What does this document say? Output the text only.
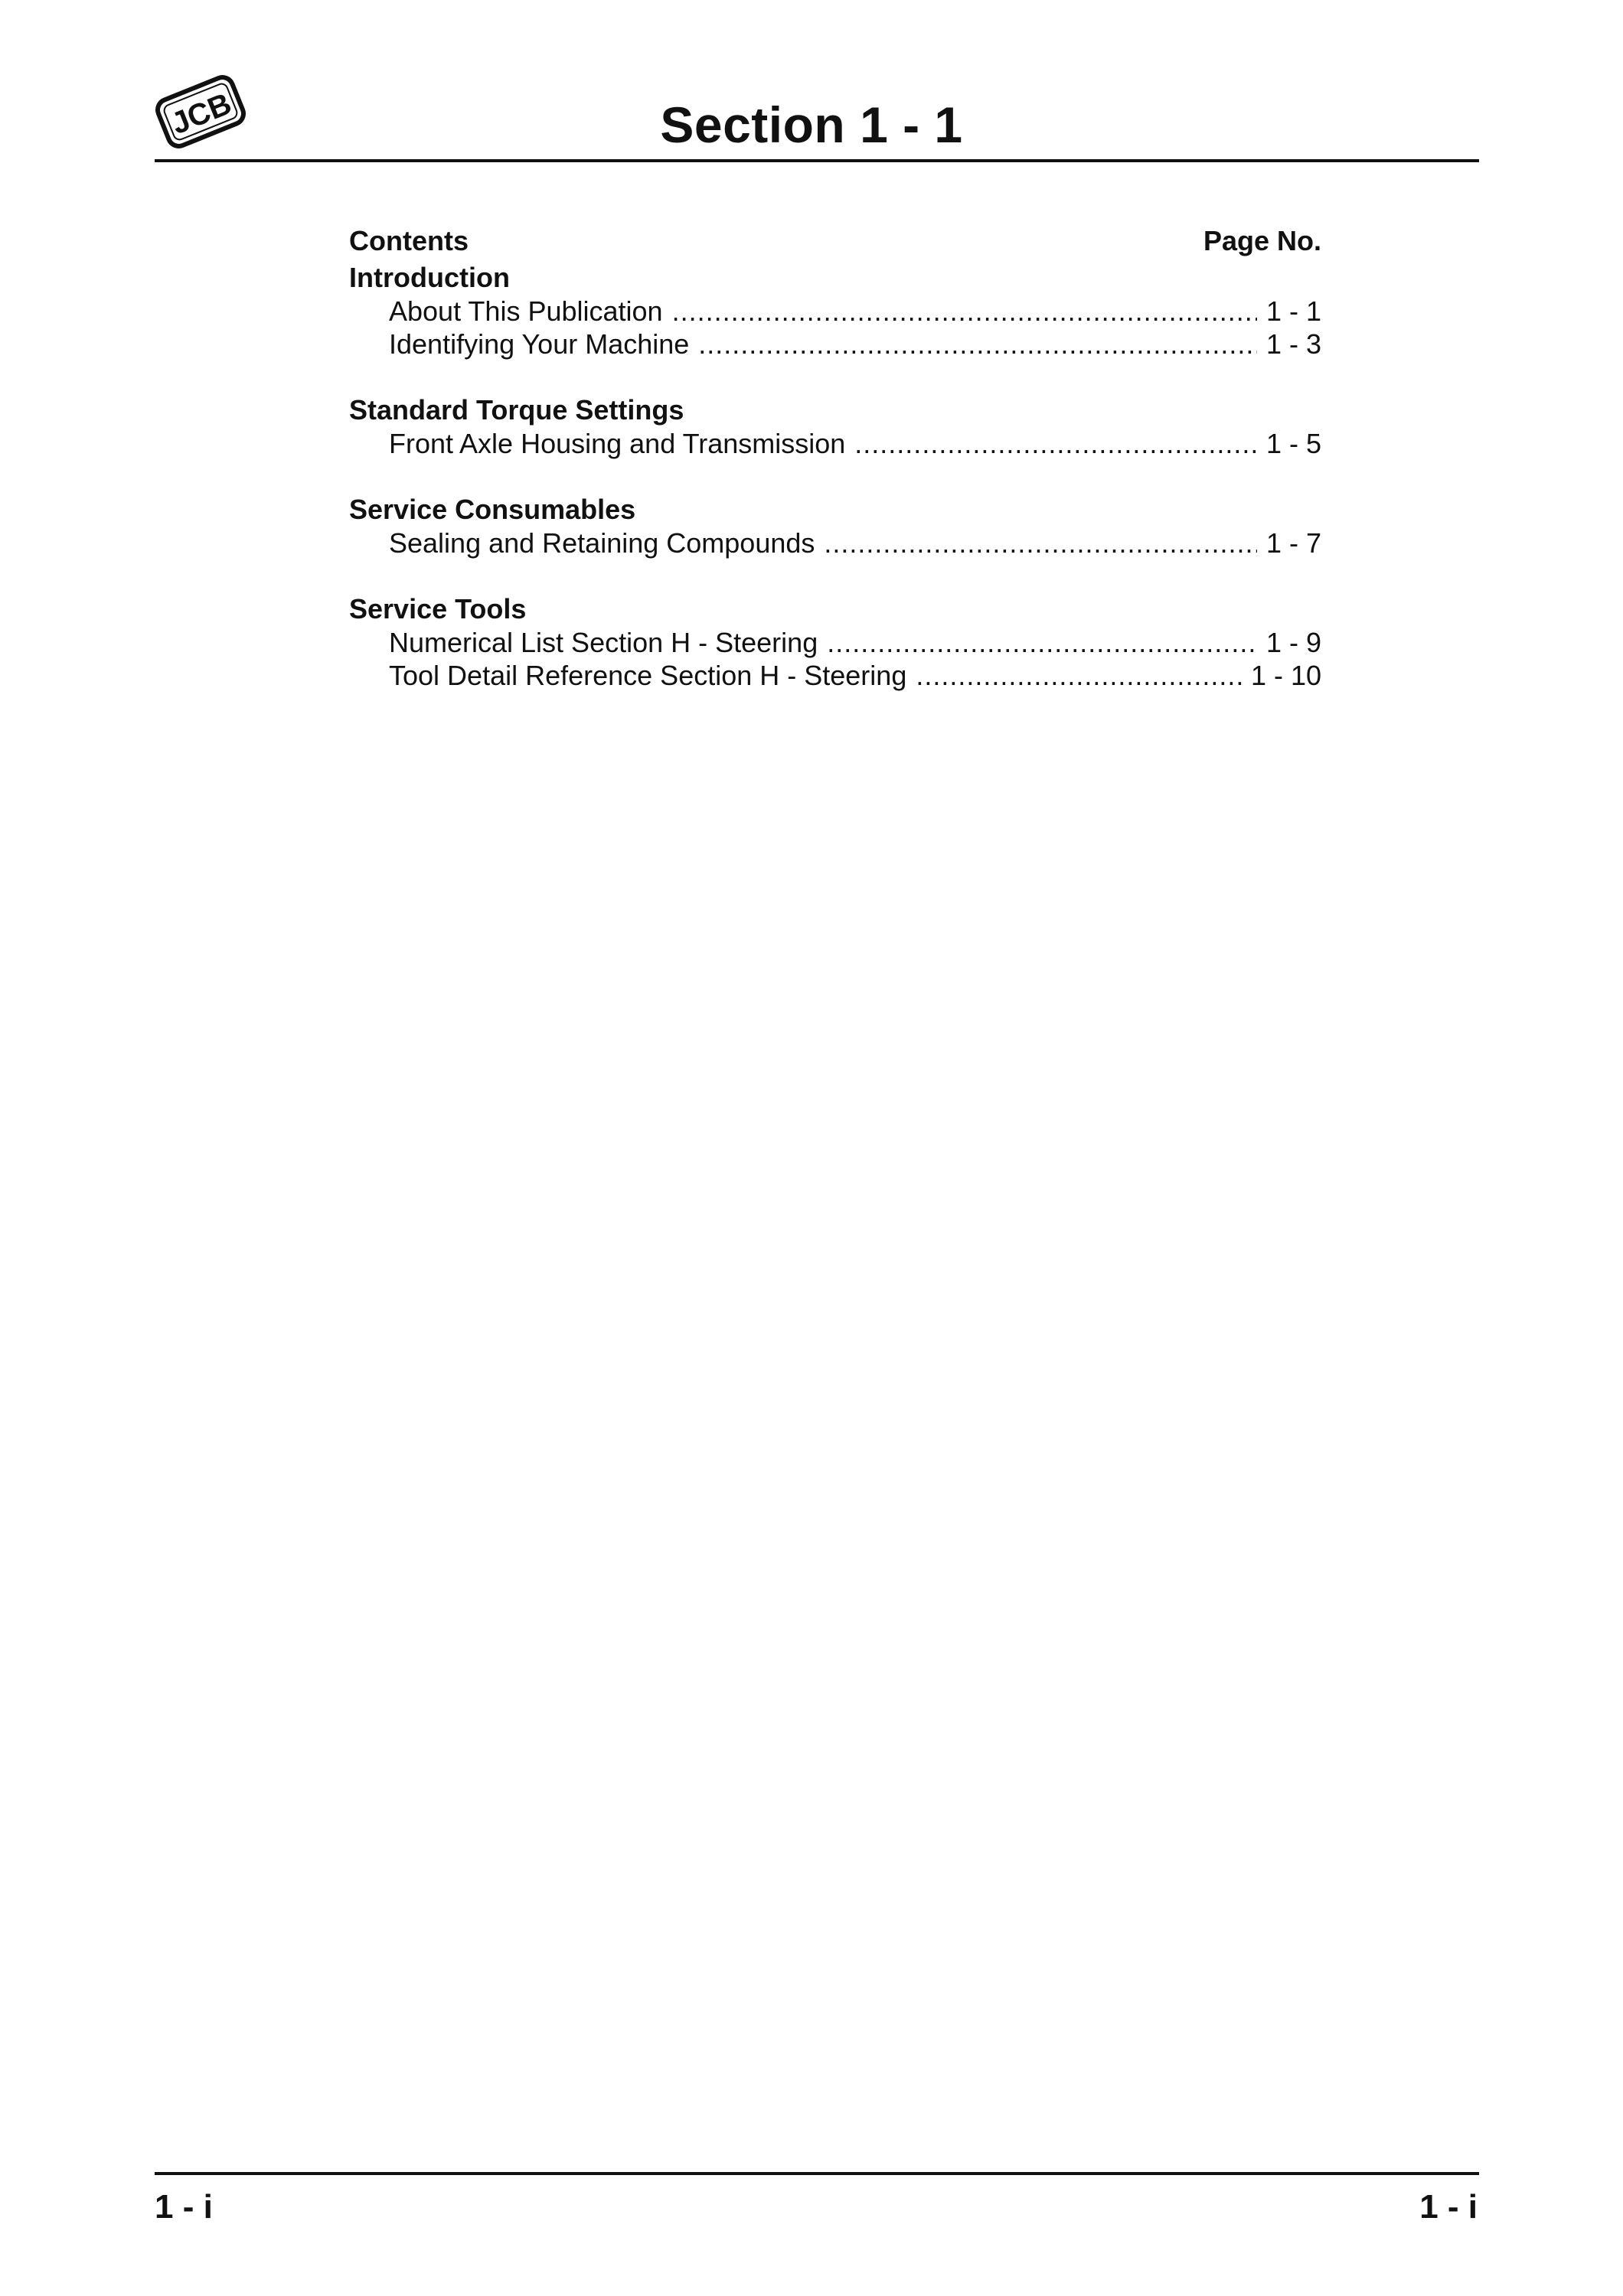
JCB	Section 1 - 1
Contents	Page No.
Introduction
About This Publication .....	1 - 1
Identifying Your Machine .....	1 - 3
Standard Torque Settings
Front Axle Housing and Transmission .....	1 - 5
Service Consumables
Sealing and Retaining Compounds .....	1 - 7
Service Tools
Numerical List Section H - Steering .....	1 - 9
Tool Detail Reference Section H - Steering .....	1 - 10
1 - i	1 - i
